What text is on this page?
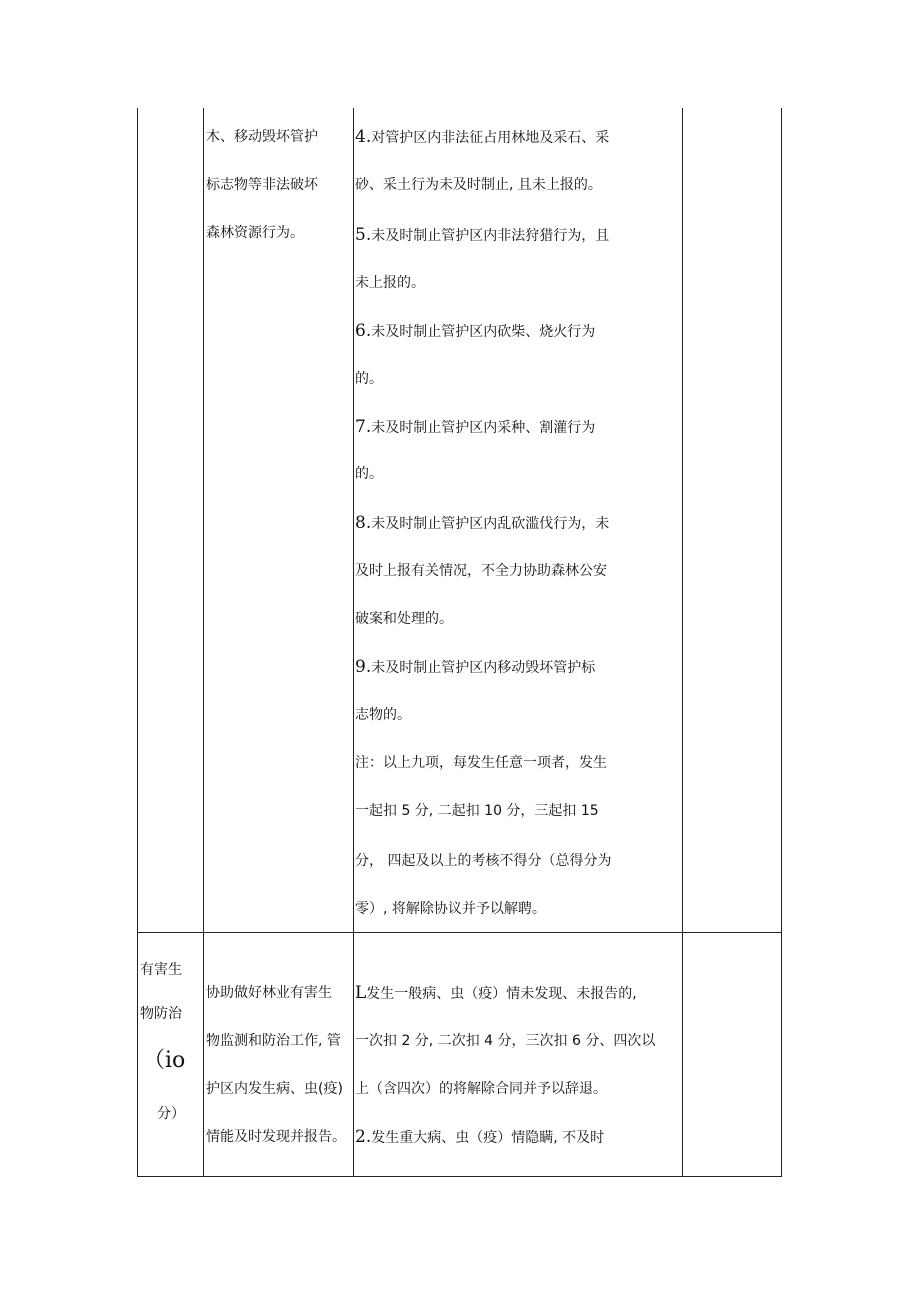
木、移动毁坏管护
标志物等非法破坏
森林资源行为。
4.对管护区内非法征占用林地及采石、采
砂、采土行为未及时制止, 且未上报的。
5.未及时制止管护区内非法狩猎行为，且
未上报的。
6.未及时制止管护区内砍柴、烧火行为
的。
7.未及时制止管护区内采种、割灌行为
的。
8.未及时制止管护区内乱砍滥伐行为，未
及时上报有关情况，不全力协助森林公安
破案和处理的。
9.未及时制止管护区内移动毁坏管护标
志物的。
注：以上九项，每发生任意一项者，发生
一起扣 5 分, 二起扣 10 分，三起扣 15
分， 四起及以上的考核不得分（总得分为
零）, 将解除协议并予以解聘。
有害生
物防治
（io
分）
协助做好林业有害生
物监测和防治工作, 管
护区内发生病、虫(疫)
情能及时发现并报告。
L发生一般病、虫（疫）情未发现、未报告的,
一次扣 2 分, 二次扣 4 分，三次扣 6 分、四次以
上（含四次）的将解除合同并予以辞退。
2.发生重大病、虫（疫）情隐瞒, 不及时
